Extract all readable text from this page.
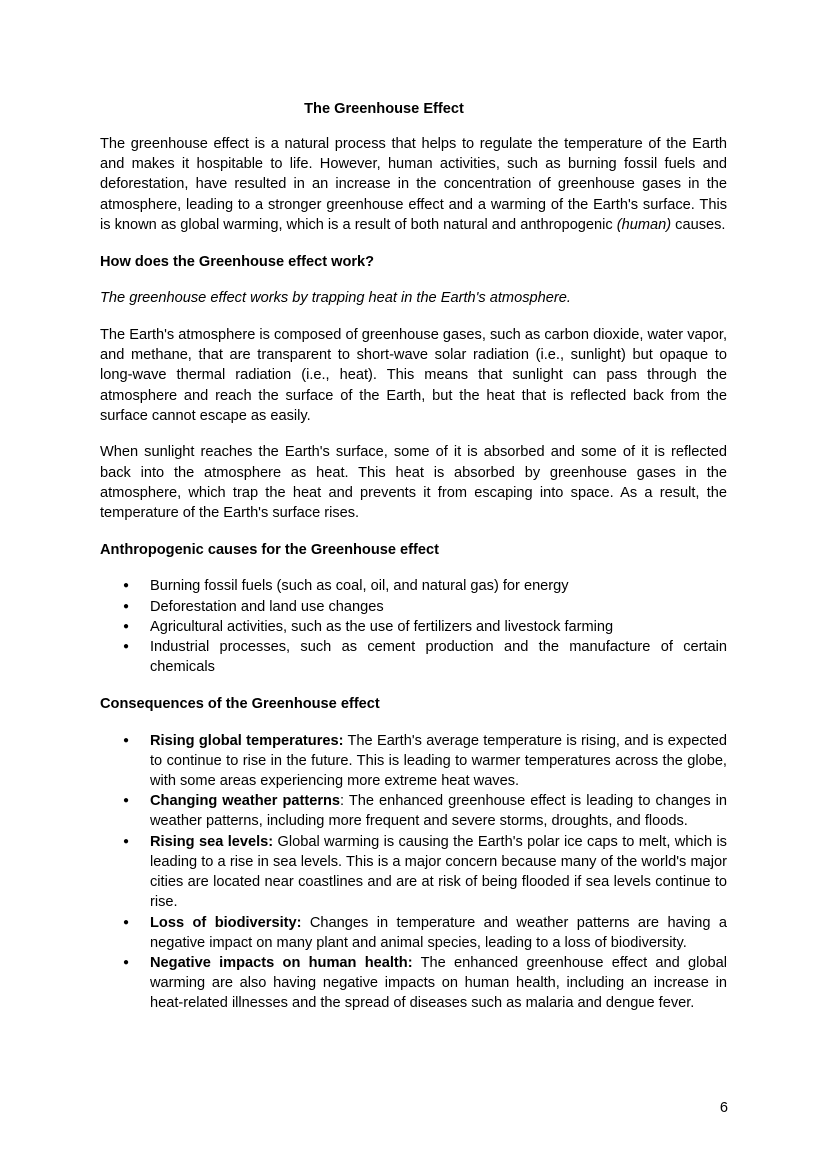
The Greenhouse Effect

The greenhouse effect is a natural process that helps to regulate the temperature of the Earth and makes it hospitable to life. However, human activities, such as burning fossil fuels and deforestation, have resulted in an increase in the concentration of greenhouse gases in the atmosphere, leading to a stronger greenhouse effect and a warming of the Earth's surface. This is known as global warming, which is a result of both natural and anthropogenic (human) causes.

How does the Greenhouse effect work?

The greenhouse effect works by trapping heat in the Earth's atmosphere.

The Earth's atmosphere is composed of greenhouse gases, such as carbon dioxide, water vapor, and methane, that are transparent to short-wave solar radiation (i.e., sunlight) but opaque to long-wave thermal radiation (i.e., heat). This means that sunlight can pass through the atmosphere and reach the surface of the Earth, but the heat that is reflected back from the surface cannot escape as easily.

When sunlight reaches the Earth's surface, some of it is absorbed and some of it is reflected back into the atmosphere as heat. This heat is absorbed by greenhouse gases in the atmosphere, which trap the heat and prevents it from escaping into space. As a result, the temperature of the Earth's surface rises.

Anthropogenic causes for the Greenhouse effect

● Burning fossil fuels (such as coal, oil, and natural gas) for energy
● Deforestation and land use changes
● Agricultural activities, such as the use of fertilizers and livestock farming
● Industrial processes, such as cement production and the manufacture of certain chemicals

Consequences of the Greenhouse effect

● Rising global temperatures: The Earth's average temperature is rising, and is expected to continue to rise in the future. This is leading to warmer temperatures across the globe, with some areas experiencing more extreme heat waves.
● Changing weather patterns: The enhanced greenhouse effect is leading to changes in weather patterns, including more frequent and severe storms, droughts, and floods.
● Rising sea levels: Global warming is causing the Earth's polar ice caps to melt, which is leading to a rise in sea levels. This is a major concern because many of the world's major cities are located near coastlines and are at risk of being flooded if sea levels continue to rise.
● Loss of biodiversity: Changes in temperature and weather patterns are having a negative impact on many plant and animal species, leading to a loss of biodiversity.
● Negative impacts on human health: The enhanced greenhouse effect and global warming are also having negative impacts on human health, including an increase in heat-related illnesses and the spread of diseases such as malaria and dengue fever.
6
